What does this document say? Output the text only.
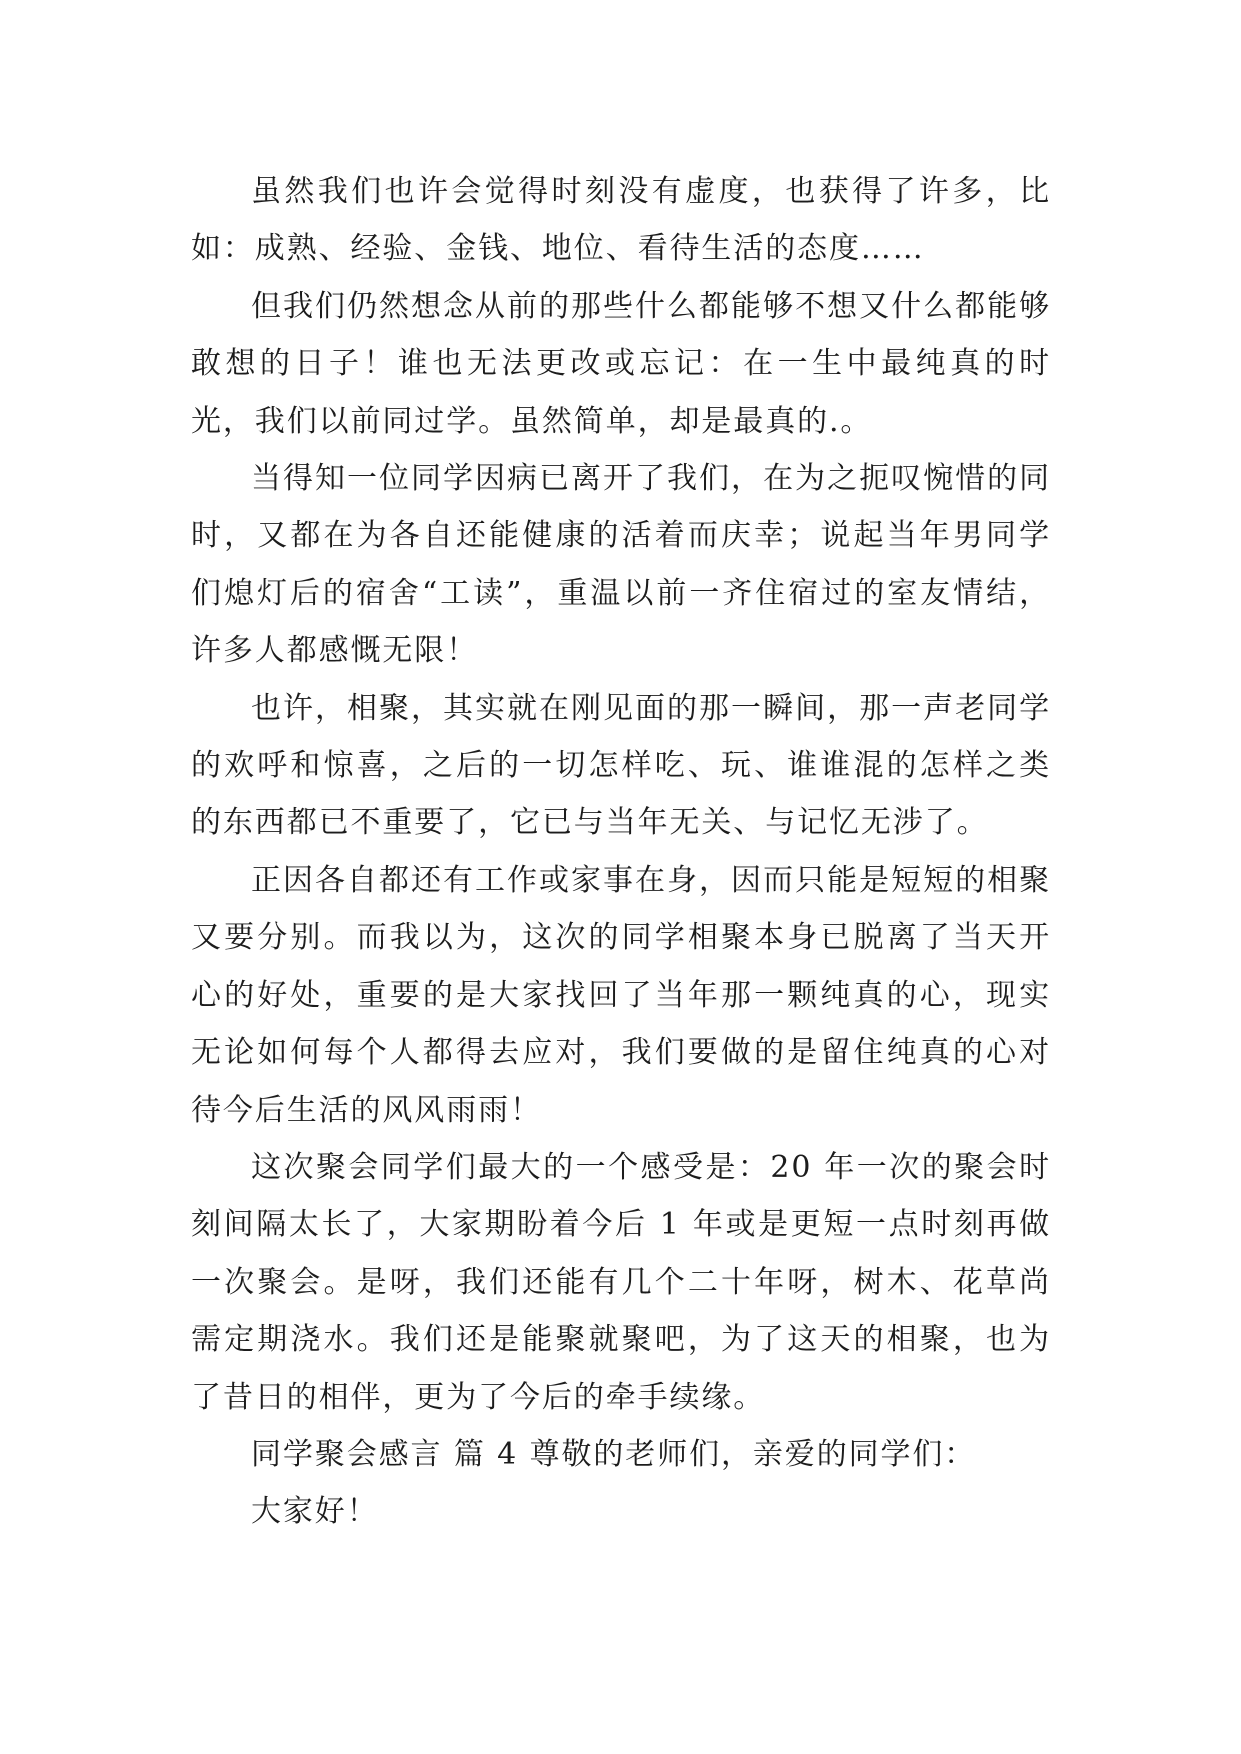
虽然我们也许会觉得时刻没有虚度，也获得了许多，比如：成熟、经验、金钱、地位、看待生活的态度……

但我们仍然想念从前的那些什么都能够不想又什么都能够敢想的日子！谁也无法更改或忘记：在一生中最纯真的时光，我们以前同过学。虽然简单，却是最真的.。

当得知一位同学因病已离开了我们，在为之扼叹惋惜的同时，又都在为各自还能健康的活着而庆幸；说起当年男同学们熄灯后的宿舍“工读”，重温以前一齐住宿过的室友情结，许多人都感慨无限！

也许，相聚，其实就在刚见面的那一瞬间，那一声老同学的欢呼和惊喜，之后的一切怎样吃、玩、谁谁混的怎样之类的东西都已不重要了，它已与当年无关、与记忆无涉了。

正因各自都还有工作或家事在身，因而只能是短短的相聚又要分别。而我以为，这次的同学相聚本身已脱离了当天开心的好处，重要的是大家找回了当年那一颗纯真的心，现实无论如何每个人都得去应对，我们要做的是留住纯真的心对待今后生活的风风雨雨！

这次聚会同学们最大的一个感受是：20 年一次的聚会时刻间隔太长了，大家期盼着今后 1 年或是更短一点时刻再做一次聚会。是呀，我们还能有几个二十年呀，树木、花草尚需定期浇水。我们还是能聚就聚吧，为了这天的相聚，也为了昔日的相伴，更为了今后的牵手续缘。

同学聚会感言 篇 4 尊敬的老师们，亲爱的同学们：

大家好！
